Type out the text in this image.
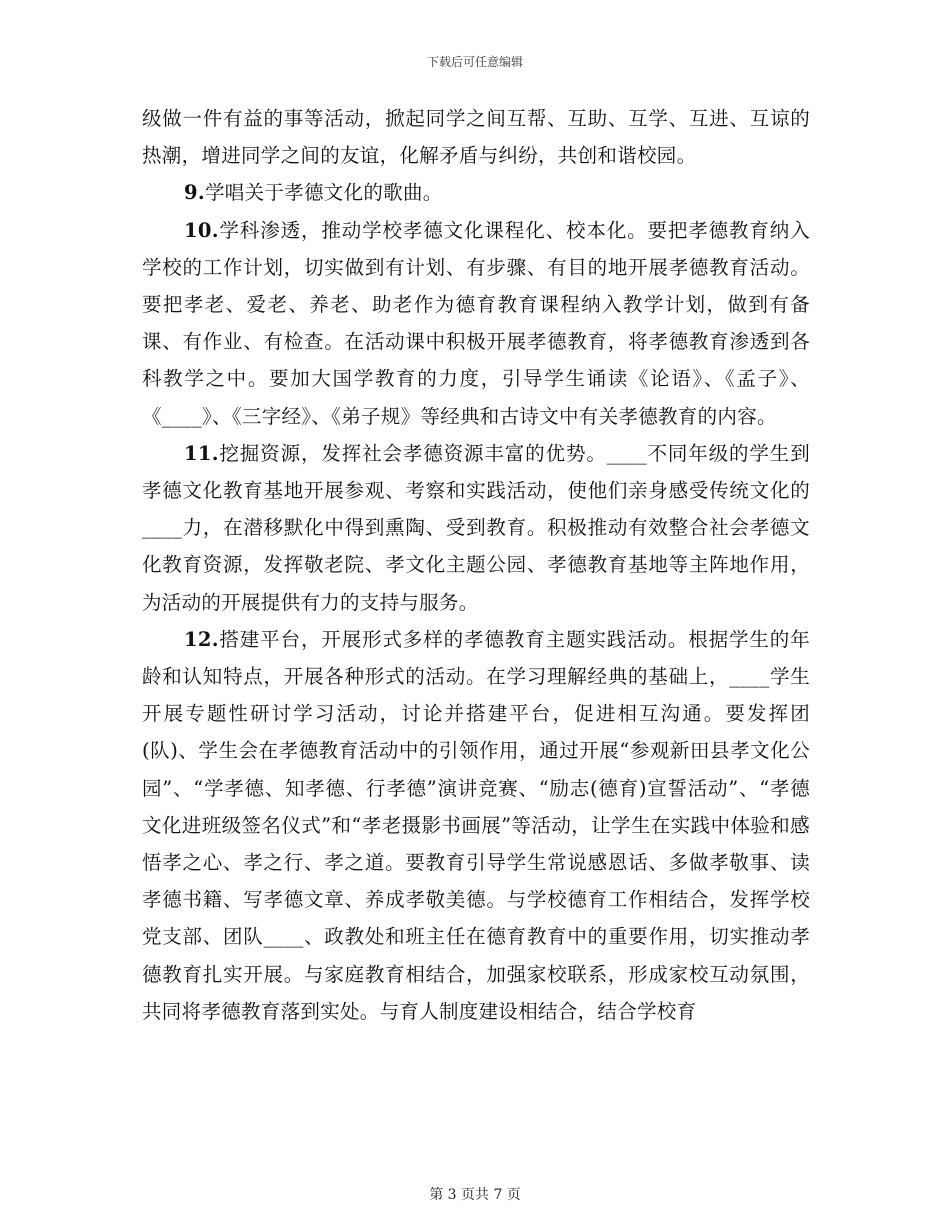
下载后可任意编辑

级做一件有益的事等活动，掀起同学之间互帮、互助、互学、互进、互谅的热潮，增进同学之间的友谊，化解矛盾与纠纷，共创和谐校园。

9.学唱关于孝德文化的歌曲。

10.学科渗透，推动学校孝德文化课程化、校本化。要把孝德教育纳入学校的工作计划，切实做到有计划、有步骤、有目的地开展孝德教育活动。要把孝老、爱老、养老、助老作为德育教育课程纳入教学计划，做到有备课、有作业、有检查。在活动课中积极开展孝德教育，将孝德教育渗透到各科教学之中。要加大国学教育的力度，引导学生诵读《论语》、《孟子》、《____》、《三字经》、《弟子规》等经典和古诗文中有关孝德教育的内容。

11.挖掘资源，发挥社会孝德资源丰富的优势。____不同年级的学生到孝德文化教育基地开展参观、考察和实践活动，使他们亲身感受传统文化的____力，在潜移默化中得到熏陶、受到教育。积极推动有效整合社会孝德文化教育资源，发挥敬老院、孝文化主题公园、孝德教育基地等主阵地作用，为活动的开展提供有力的支持与服务。

12.搭建平台，开展形式多样的孝德教育主题实践活动。根据学生的年龄和认知特点，开展各种形式的活动。在学习理解经典的基础上，____学生开展专题性研讨学习活动，讨论并搭建平台，促进相互沟通。要发挥团(队)、学生会在孝德教育活动中的引领作用，通过开展“参观新田县孝文化公园”、“学孝德、知孝德、行孝德”演讲竞赛、“励志(德育)宣誓活动”、“孝德文化进班级签名仪式”和“孝老摄影书画展”等活动，让学生在实践中体验和感悟孝之心、孝之行、孝之道。要教育引导学生常说感恩话、多做孝敬事、读孝德书籍、写孝德文章、养成孝敬美德。与学校德育工作相结合，发挥学校党支部、团队____、政教处和班主任在德育教育中的重要作用，切实推动孝德教育扎实开展。与家庭教育相结合，加强家校联系，形成家校互动氛围，共同将孝德教育落到实处。与育人制度建设相结合，结合学校育

第 3 页共 7 页
